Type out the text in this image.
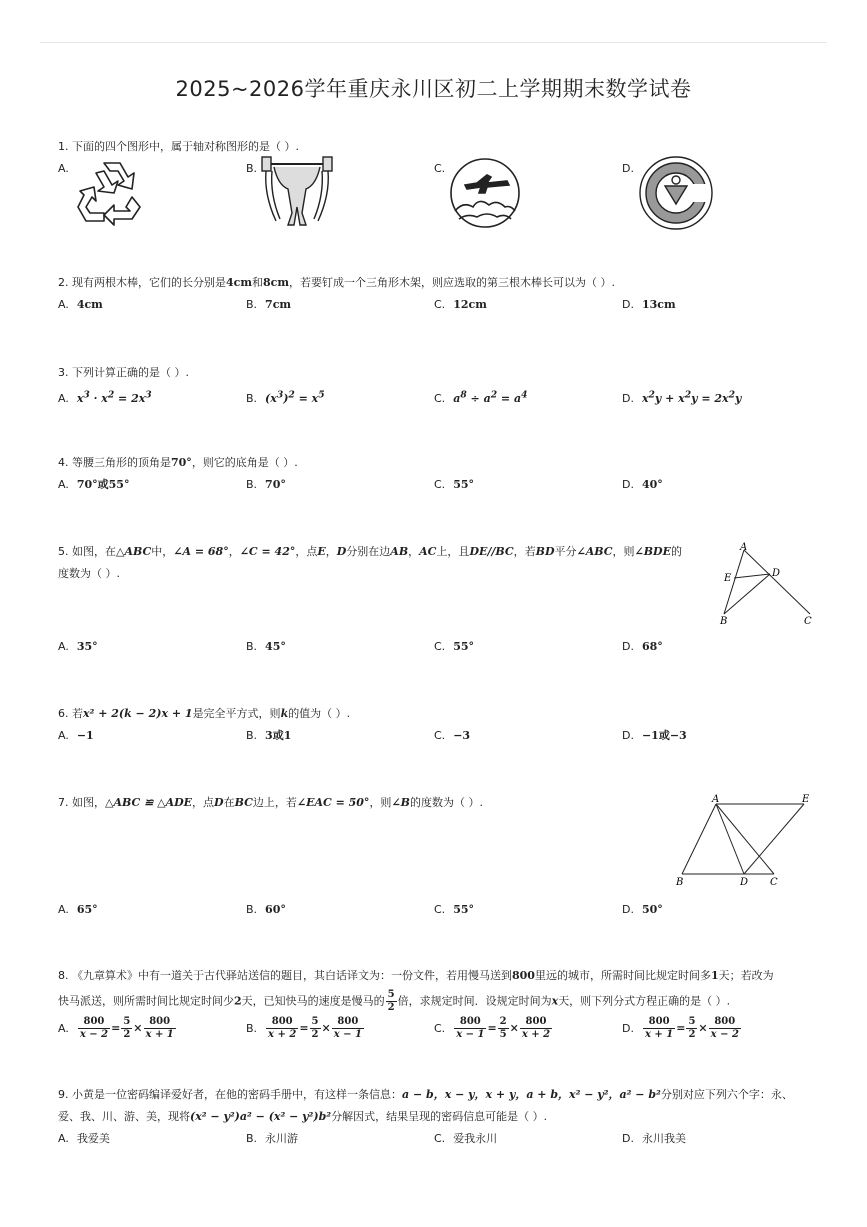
2025~2026学年重庆永川区初二上学期期末数学试卷
1. 下面的四个图形中，属于轴对称图形的是（ ）.
A.	B.	C.	D.
2. 现有两根木棒，它们的长分别是4cm和8cm，若要钉成一个三角形木架，则应选取的第三根木棒长可以为（ ）.
A. 4cm	B. 7cm	C. 12cm	D. 13cm
3. 下列计算正确的是（ ）.
A. $x^3 \cdot x^2 = 2x^3$	B. $(x^3)^2 = x^5$	C. $a^8 \div a^2 = a^4$	D. $x^2y + x^2y = 2x^2y$
4. 等腰三角形的顶角是70°，则它的底角是（ ）.
A. 70°或55°	B. 70°	C. 55°	D. 40°
5. 如图，在△ABC中，∠A = 68°，∠C = 42°，点E，D分别在边AB，AC上，且DE//BC，若BD平分∠ABC，则∠BDE的
度数为（ ）.
A
E	D
B	C
A. 35°	B. 45°	C. 55°	D. 68°
6. 若x² + 2(k − 2)x + 1是完全平方式，则k的值为（ ）.
A. −1	B. 3或1	C. −3	D. −1或−3
7. 如图，△ABC ≌ △ADE，点D在BC边上，若∠EAC = 50°，则∠B的度数为（ ）.	A	E
B	D C
A. 65°	B. 60°	C. 55°	D. 50°
8. 《九章算术》中有一道关于古代驿站送信的题目，其白话译文为：一份文件，若用慢马送到800里远的城市，所需时间比规定时间多1天；若改为
快马派送，则所需时间比规定时间少2天，已知快马的速度是慢马的 $\frac{5}{2}$ 倍，求规定时间．设规定时间为x天，则下列分式方程正确的是（ ）.
A. $\frac{800}{x - 2} = \frac{5}{2} \times \frac{800}{x + 1}$	B. $\frac{800}{x + 2} = \frac{5}{2} \times \frac{800}{x - 1}$	C. $\frac{800}{x - 1} = \frac{2}{5} \times \frac{800}{x + 2}$	D. $\frac{800}{x + 1} = \frac{5}{2} \times \frac{800}{x - 2}$
9. 小黄是一位密码编译爱好者，在他的密码手册中，有这样一条信息：a − b，x − y，x + y，a + b，x² − y²，a² − b²分别对应下列六个字：永、
爱、我、川、游、美，现将(x² − y²)a² − (x² − y²)b²分解因式，结果呈现的密码信息可能是（ ）.
A. 我爱美	B. 永川游	C. 爱我永川	D. 永川我美
